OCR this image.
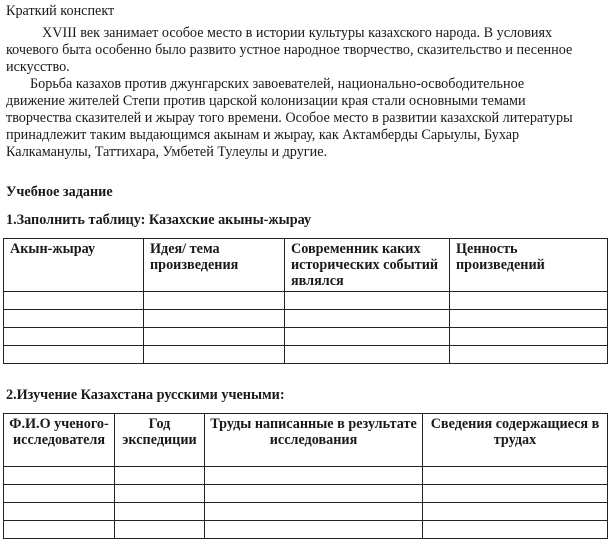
Краткий конспект
XVIII век занимает особое место в истории культуры казахского народа. В условиях
кочевого быта особенно было развито устное народное творчество, сказительство и песенное
искусство.
Борьба казахов против джунгарских завоевателей, национально-освободительное
движение жителей Степи против царской колонизации края стали основными темами
творчества сказителей и жырау того времени. Особое место в развитии казахской литературы
принадлежит таким выдающимся акынам и жырау, как Актамберды Сарыулы, Бухар
Калкаманулы, Таттихара, Умбетей Тулеулы и другие.
Учебное задание
1.Заполнить таблицу: Казахские акыны-жырау
Акын-жырау	Идея/ тема произведения	Современник каких исторических событий являлся	Ценность произведений

2.Изучение Казахстана русскими учеными:
Ф.И.О ученого-исследователя	Год экспедиции	Труды написанные в результате исследования	Сведения содержащиеся в трудах
